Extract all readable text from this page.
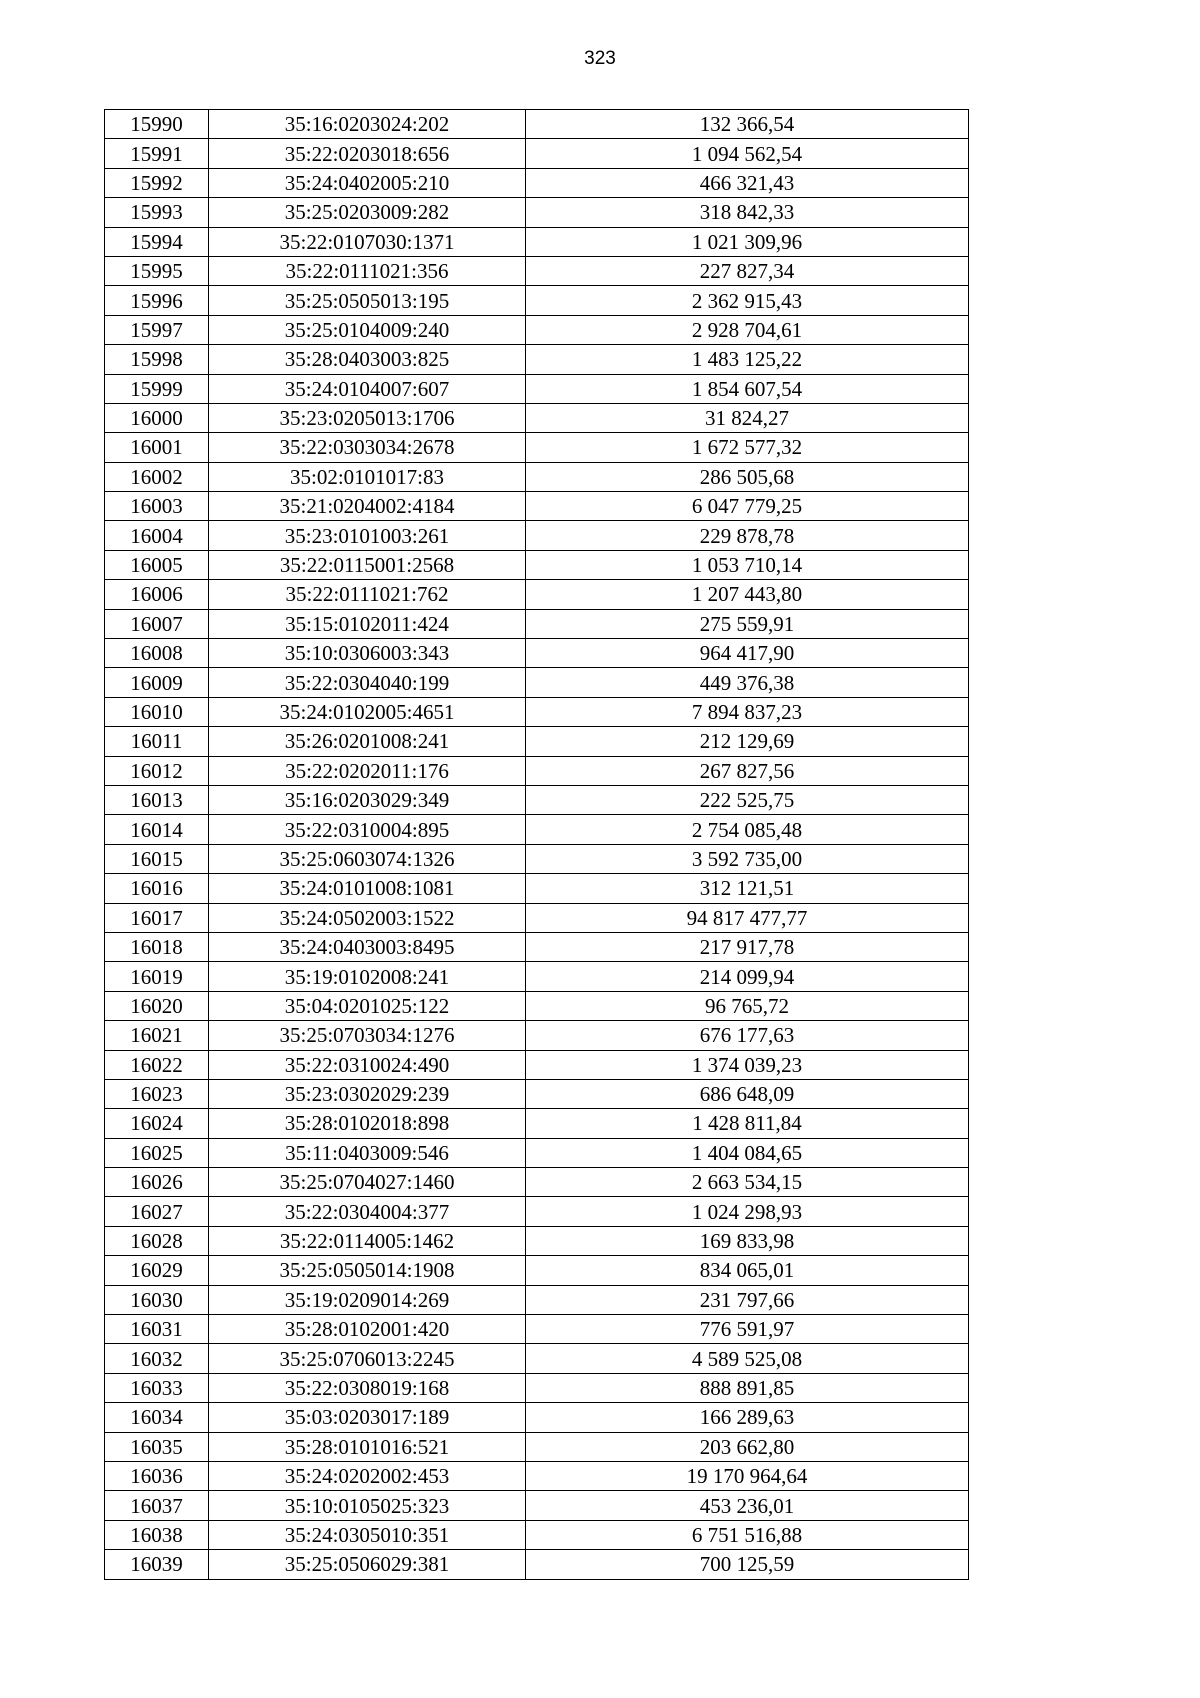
323
15990	35:16:0203024:202	132 366,54
15991	35:22:0203018:656	1 094 562,54
15992	35:24:0402005:210	466 321,43
15993	35:25:0203009:282	318 842,33
15994	35:22:0107030:1371	1 021 309,96
15995	35:22:0111021:356	227 827,34
15996	35:25:0505013:195	2 362 915,43
15997	35:25:0104009:240	2 928 704,61
15998	35:28:0403003:825	1 483 125,22
15999	35:24:0104007:607	1 854 607,54
16000	35:23:0205013:1706	31 824,27
16001	35:22:0303034:2678	1 672 577,32
16002	35:02:0101017:83	286 505,68
16003	35:21:0204002:4184	6 047 779,25
16004	35:23:0101003:261	229 878,78
16005	35:22:0115001:2568	1 053 710,14
16006	35:22:0111021:762	1 207 443,80
16007	35:15:0102011:424	275 559,91
16008	35:10:0306003:343	964 417,90
16009	35:22:0304040:199	449 376,38
16010	35:24:0102005:4651	7 894 837,23
16011	35:26:0201008:241	212 129,69
16012	35:22:0202011:176	267 827,56
16013	35:16:0203029:349	222 525,75
16014	35:22:0310004:895	2 754 085,48
16015	35:25:0603074:1326	3 592 735,00
16016	35:24:0101008:1081	312 121,51
16017	35:24:0502003:1522	94 817 477,77
16018	35:24:0403003:8495	217 917,78
16019	35:19:0102008:241	214 099,94
16020	35:04:0201025:122	96 765,72
16021	35:25:0703034:1276	676 177,63
16022	35:22:0310024:490	1 374 039,23
16023	35:23:0302029:239	686 648,09
16024	35:28:0102018:898	1 428 811,84
16025	35:11:0403009:546	1 404 084,65
16026	35:25:0704027:1460	2 663 534,15
16027	35:22:0304004:377	1 024 298,93
16028	35:22:0114005:1462	169 833,98
16029	35:25:0505014:1908	834 065,01
16030	35:19:0209014:269	231 797,66
16031	35:28:0102001:420	776 591,97
16032	35:25:0706013:2245	4 589 525,08
16033	35:22:0308019:168	888 891,85
16034	35:03:0203017:189	166 289,63
16035	35:28:0101016:521	203 662,80
16036	35:24:0202002:453	19 170 964,64
16037	35:10:0105025:323	453 236,01
16038	35:24:0305010:351	6 751 516,88
16039	35:25:0506029:381	700 125,59
